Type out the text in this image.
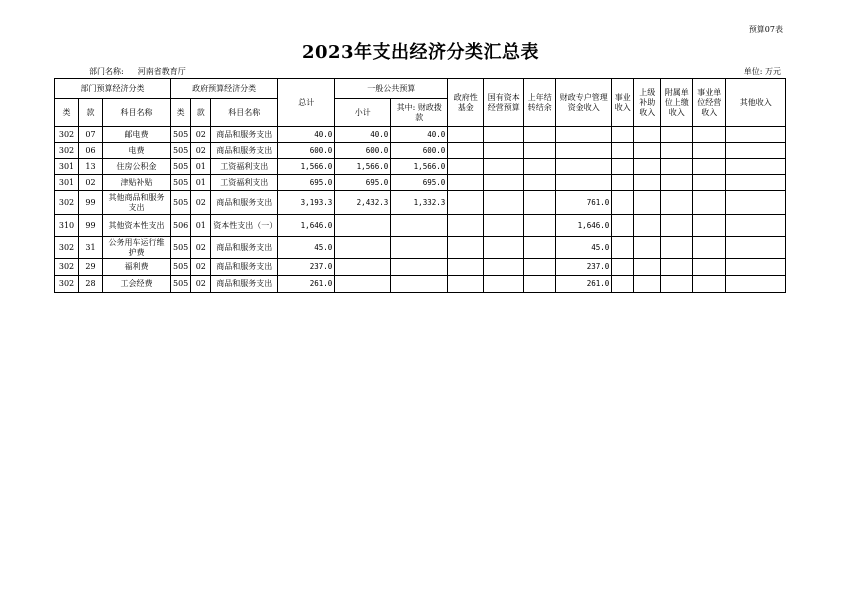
预算07表
2023年支出经济分类汇总表
部门名称: 河南省教育厅	单位: 万元
部门预算经济分类			政府预算经济分类			总计	一般公共预算		政府性基金	国有资本经营预算	上年结转结余	财政专户管理资金收入	事业收入	上级补助收入	附属单位上缴收入	事业单位经营收入	其他收入
类	款	科目名称	类	款	科目名称		小计	其中: 财政拨款									
302	07	邮电费	505	02	商品和服务支出	40.0	40.0	40.0									
302	06	电费	505	02	商品和服务支出	600.0	600.0	600.0									
301	13	住房公积金	505	01	工资福利支出	1,566.0	1,566.0	1,566.0									
301	02	津贴补贴	505	01	工资福利支出	695.0	695.0	695.0									
302	99	其他商品和服务支出	505	02	商品和服务支出	3,193.3	2,432.3	1,332.3				761.0					
310	99	其他资本性支出	506	01	资本性支出（一）	1,646.0						1,646.0					
302	31	公务用车运行维护费	505	02	商品和服务支出	45.0						45.0					
302	29	福利费	505	02	商品和服务支出	237.0						237.0					
302	28	工会经费	505	02	商品和服务支出	261.0						261.0					
